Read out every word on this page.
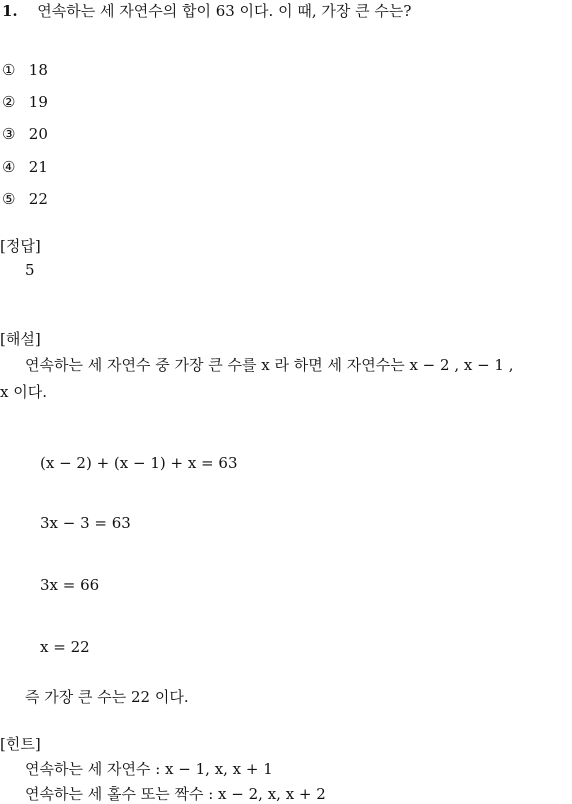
1. 연속하는 세 자연수의 합이 63 이다. 이 때, 가장 큰 수는?
① 18
② 19
③ 20
④ 21
⑤ 22
[정답]
5
[해설]
연속하는 세 자연수 중 가장 큰 수를 x 라 하면 세 자연수는 x − 2 , x − 1 ,
x 이다.
(x − 2) + (x − 1) + x = 63
3x − 3 = 63
3x = 66
x = 22
즉 가장 큰 수는 22 이다.
[힌트]
연속하는 세 자연수 : x − 1, x, x + 1
연속하는 세 홀수 또는 짝수 : x − 2, x, x + 2
